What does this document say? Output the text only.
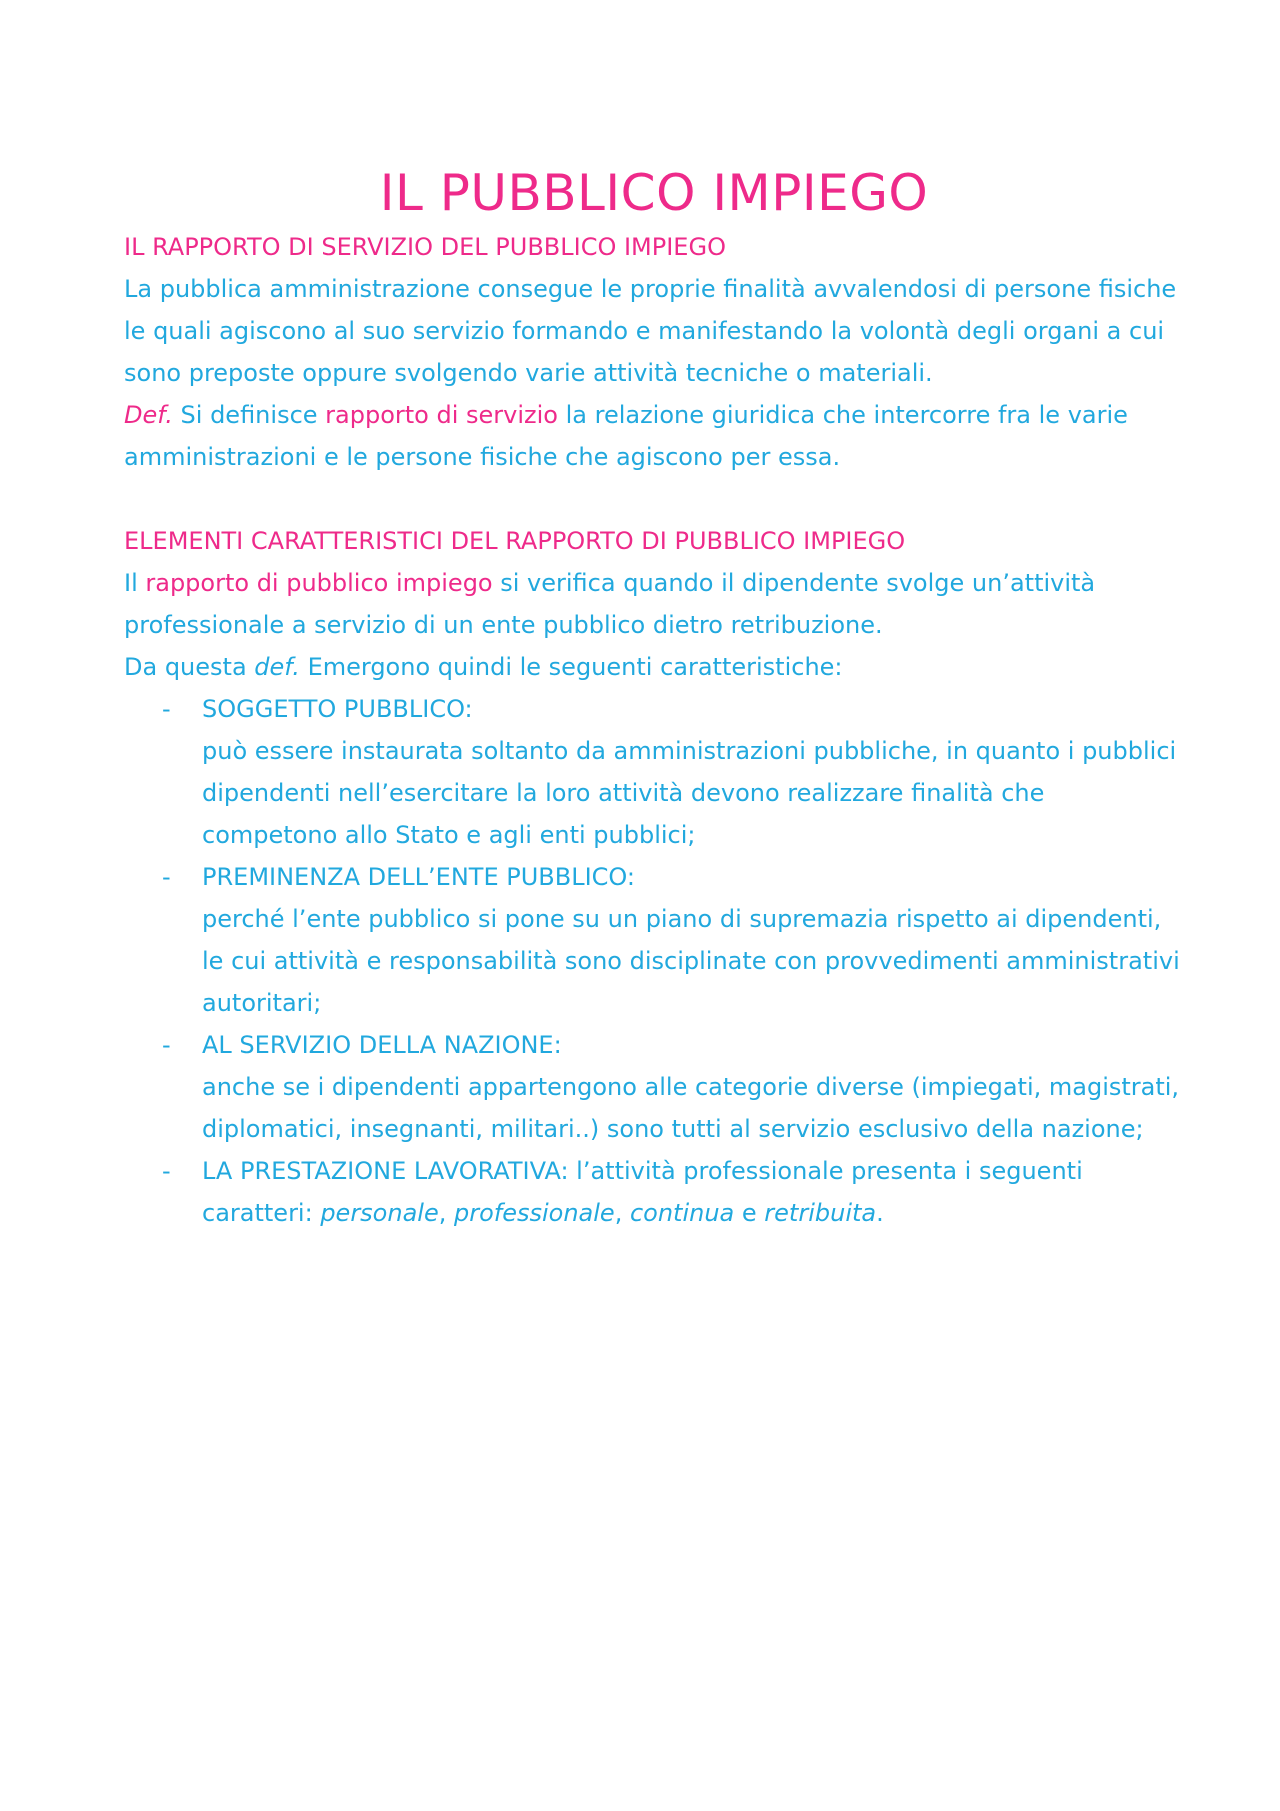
IL PUBBLICO IMPIEGO
IL RAPPORTO DI SERVIZIO DEL PUBBLICO IMPIEGO

La pubblica amministrazione consegue le proprie finalità avvalendosi di persone fisiche le quali agiscono al suo servizio formando e manifestando la volontà degli organi a cui sono preposte oppure svolgendo varie attività tecniche o materiali.

Def. Si definisce rapporto di servizio la relazione giuridica che intercorre fra le varie amministrazioni e le persone fisiche che agiscono per essa.

ELEMENTI CARATTERISTICI DEL RAPPORTO DI PUBBLICO IMPIEGO

Il rapporto di pubblico impiego si verifica quando il dipendente svolge un’attività professionale a servizio di un ente pubblico dietro retribuzione.

Da questa def. Emergono quindi le seguenti caratteristiche:

- SOGGETTO PUBBLICO:
può essere instaurata soltanto da amministrazioni pubbliche, in quanto i pubblici dipendenti nell’esercitare la loro attività devono realizzare finalità che competono allo Stato e agli enti pubblici;
- PREMINENZA DELL’ENTE PUBBLICO:
perché l’ente pubblico si pone su un piano di supremazia rispetto ai dipendenti, le cui attività e responsabilità sono disciplinate con provvedimenti amministrativi autoritari;
- AL SERVIZIO DELLA NAZIONE:
anche se i dipendenti appartengono alle categorie diverse (impiegati, magistrati, diplomatici, insegnanti, militari..) sono tutti al servizio esclusivo della nazione;
- LA PRESTAZIONE LAVORATIVA: l’attività professionale presenta i seguenti caratteri: personale, professionale, continua e retribuita.
